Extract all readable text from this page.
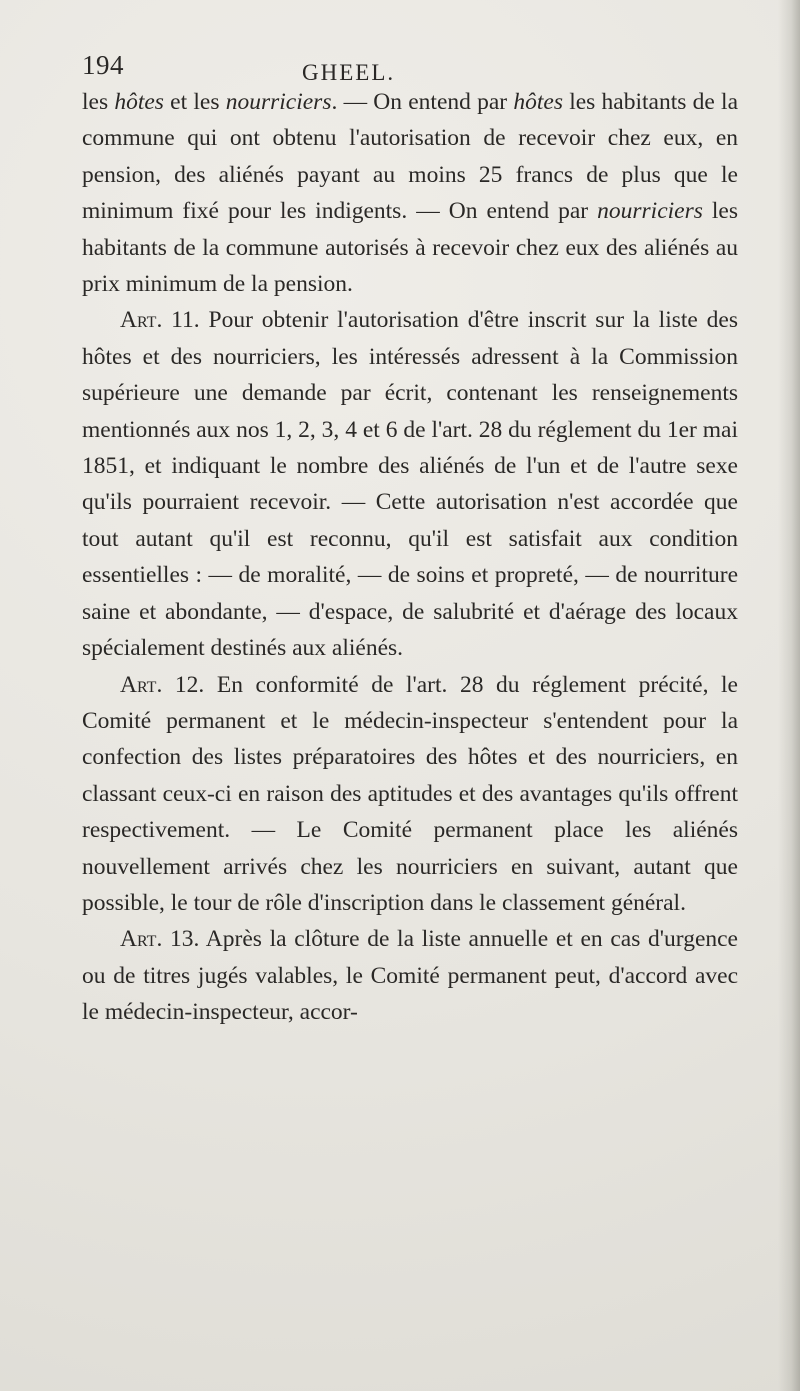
194	GHEEL.

les hôtes et les nourriciers. — On entend par hôtes les habitants de la commune qui ont obtenu l'autorisation de recevoir chez eux, en pension, des aliénés payant au moins 25 francs de plus que le minimum fixé pour les indigents. — On entend par nourriciers les habitants de la commune autorisés à recevoir chez eux des aliénés au prix minimum de la pension.

Art. 11. Pour obtenir l'autorisation d'être inscrit sur la liste des hôtes et des nourriciers, les intéressés adressent à la Commission supérieure une demande par écrit, contenant les renseignements mentionnés aux nos 1, 2, 3, 4 et 6 de l'art. 28 du réglement du 1er mai 1851, et indiquant le nombre des aliénés de l'un et de l'autre sexe qu'ils pourraient recevoir. — Cette autorisation n'est accordée que tout autant qu'il est reconnu, qu'il est satisfait aux condition essentielles : — de moralité, — de soins et propreté, — de nourriture saine et abondante, — d'espace, de salubrité et d'aérage des locaux spécialement destinés aux aliénés.

Art. 12. En conformité de l'art. 28 du réglement précité, le Comité permanent et le médecin-inspecteur s'entendent pour la confection des listes préparatoires des hôtes et des nourriciers, en classant ceux-ci en raison des aptitudes et des avantages qu'ils offrent respectivement. — Le Comité permanent place les aliénés nouvellement arrivés chez les nourriciers en suivant, autant que possible, le tour de rôle d'inscription dans le classement général.

Art. 13. Après la clôture de la liste annuelle et en cas d'urgence ou de titres jugés valables, le Comité permanent peut, d'accord avec le médecin-inspecteur, accor-
